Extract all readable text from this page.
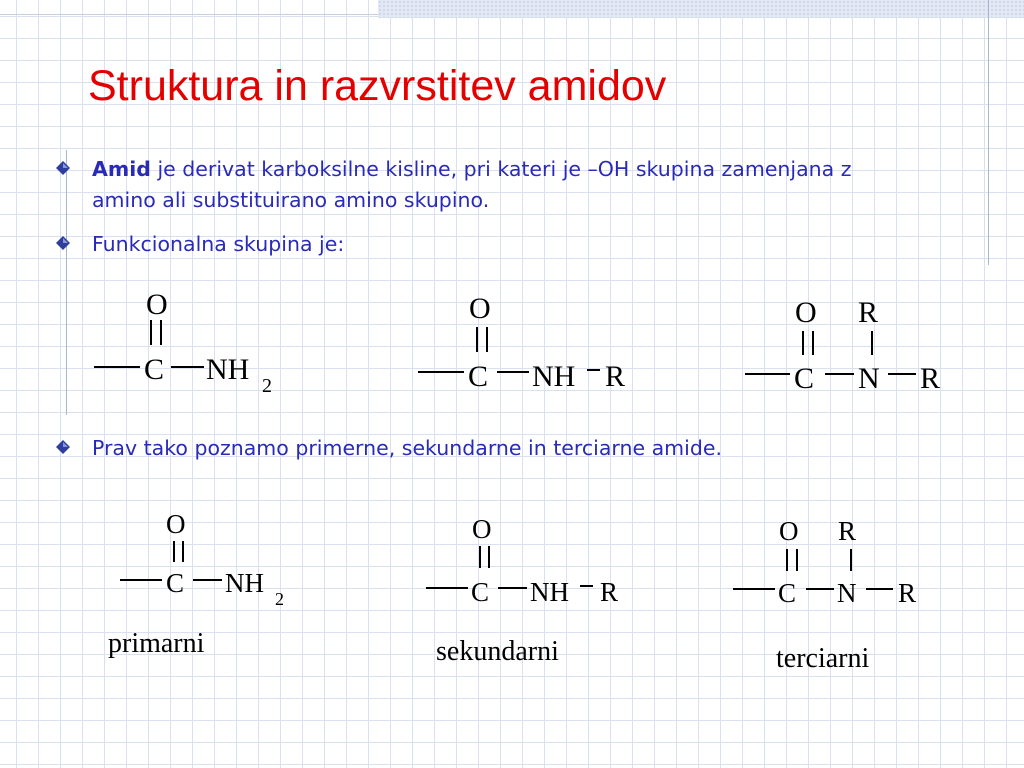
Struktura in razvrstitev amidov
Amid je derivat karboksilne kisline, pri kateri je –OH skupina zamenjana z amino ali substituirano amino skupino.
Funkcionalna skupina je:
Prav tako poznamo primerne, sekundarne in terciarne amide.
O
C NH 2
O
C NH R
O R
C N R
O
C NH
2
primarni
O
C NH R
sekundarni
O R
C N R
terciarni
